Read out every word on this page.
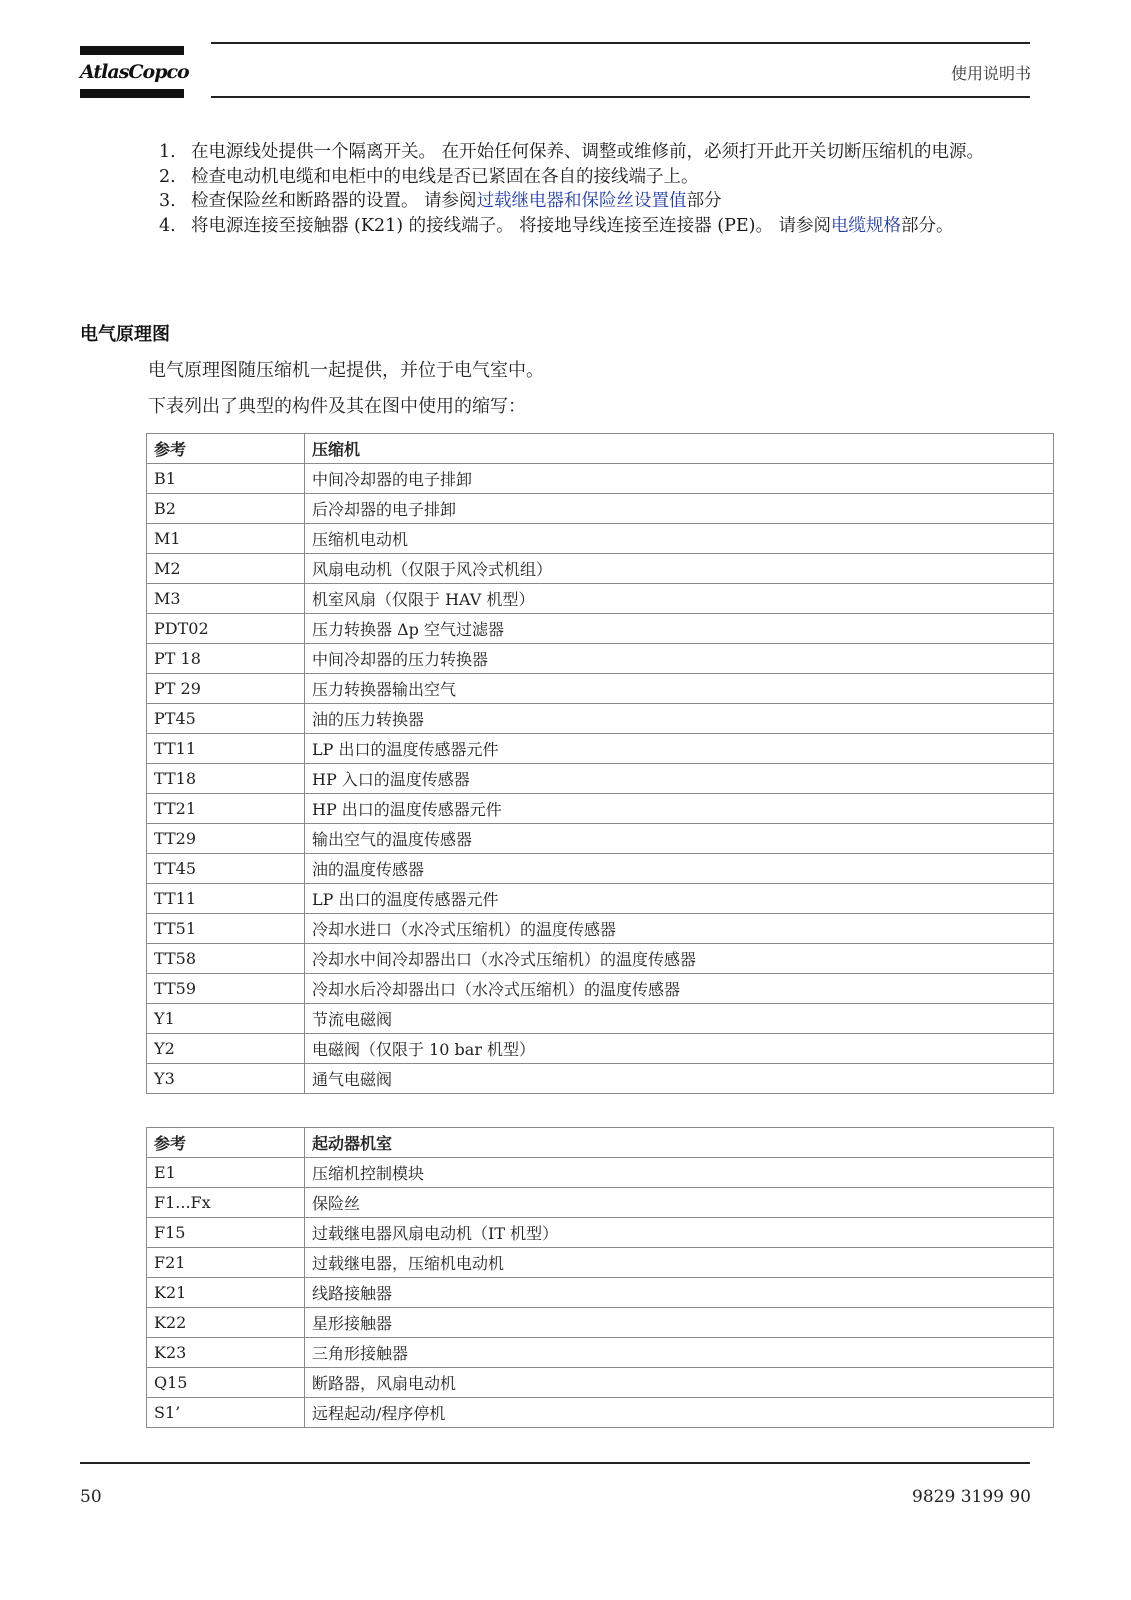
AtlasCopco	使用说明书
1. 在电源线处提供一个隔离开关。 在开始任何保养、调整或维修前，必须打开此开关切断压缩机的电源。
2. 检查电动机电缆和电柜中的电线是否已紧固在各自的接线端子上。
3. 检查保险丝和断路器的设置。 请参阅过载继电器和保险丝设置值部分
4. 将电源连接至接触器 (K21) 的接线端子。 将接地导线连接至连接器 (PE)。 请参阅电缆规格部分。
电气原理图
电气原理图随压缩机一起提供，并位于电气室中。
下表列出了典型的构件及其在图中使用的缩写：
参考	压缩机
B1	中间冷却器的电子排卸
B2	后冷却器的电子排卸
M1	压缩机电动机
M2	风扇电动机（仅限于风冷式机组）
M3	机室风扇（仅限于 HAV 机型）
PDT02	压力转换器 Δp 空气过滤器
PT 18	中间冷却器的压力转换器
PT 29	压力转换器输出空气
PT45	油的压力转换器
TT11	LP 出口的温度传感器元件
TT18	HP 入口的温度传感器
TT21	HP 出口的温度传感器元件
TT29	输出空气的温度传感器
TT45	油的温度传感器
TT11	LP 出口的温度传感器元件
TT51	冷却水进口（水冷式压缩机）的温度传感器
TT58	冷却水中间冷却器出口（水冷式压缩机）的温度传感器
TT59	冷却水后冷却器出口（水冷式压缩机）的温度传感器
Y1	节流电磁阀
Y2	电磁阀（仅限于 10 bar 机型）
Y3	通气电磁阀
参考	起动器机室
E1	压缩机控制模块
F1...Fx	保险丝
F15	过载继电器风扇电动机（IT 机型）
F21	过载继电器，压缩机电动机
K21	线路接触器
K22	星形接触器
K23	三角形接触器
Q15	断路器，风扇电动机
S1’	远程起动/程序停机
50	9829 3199 90
